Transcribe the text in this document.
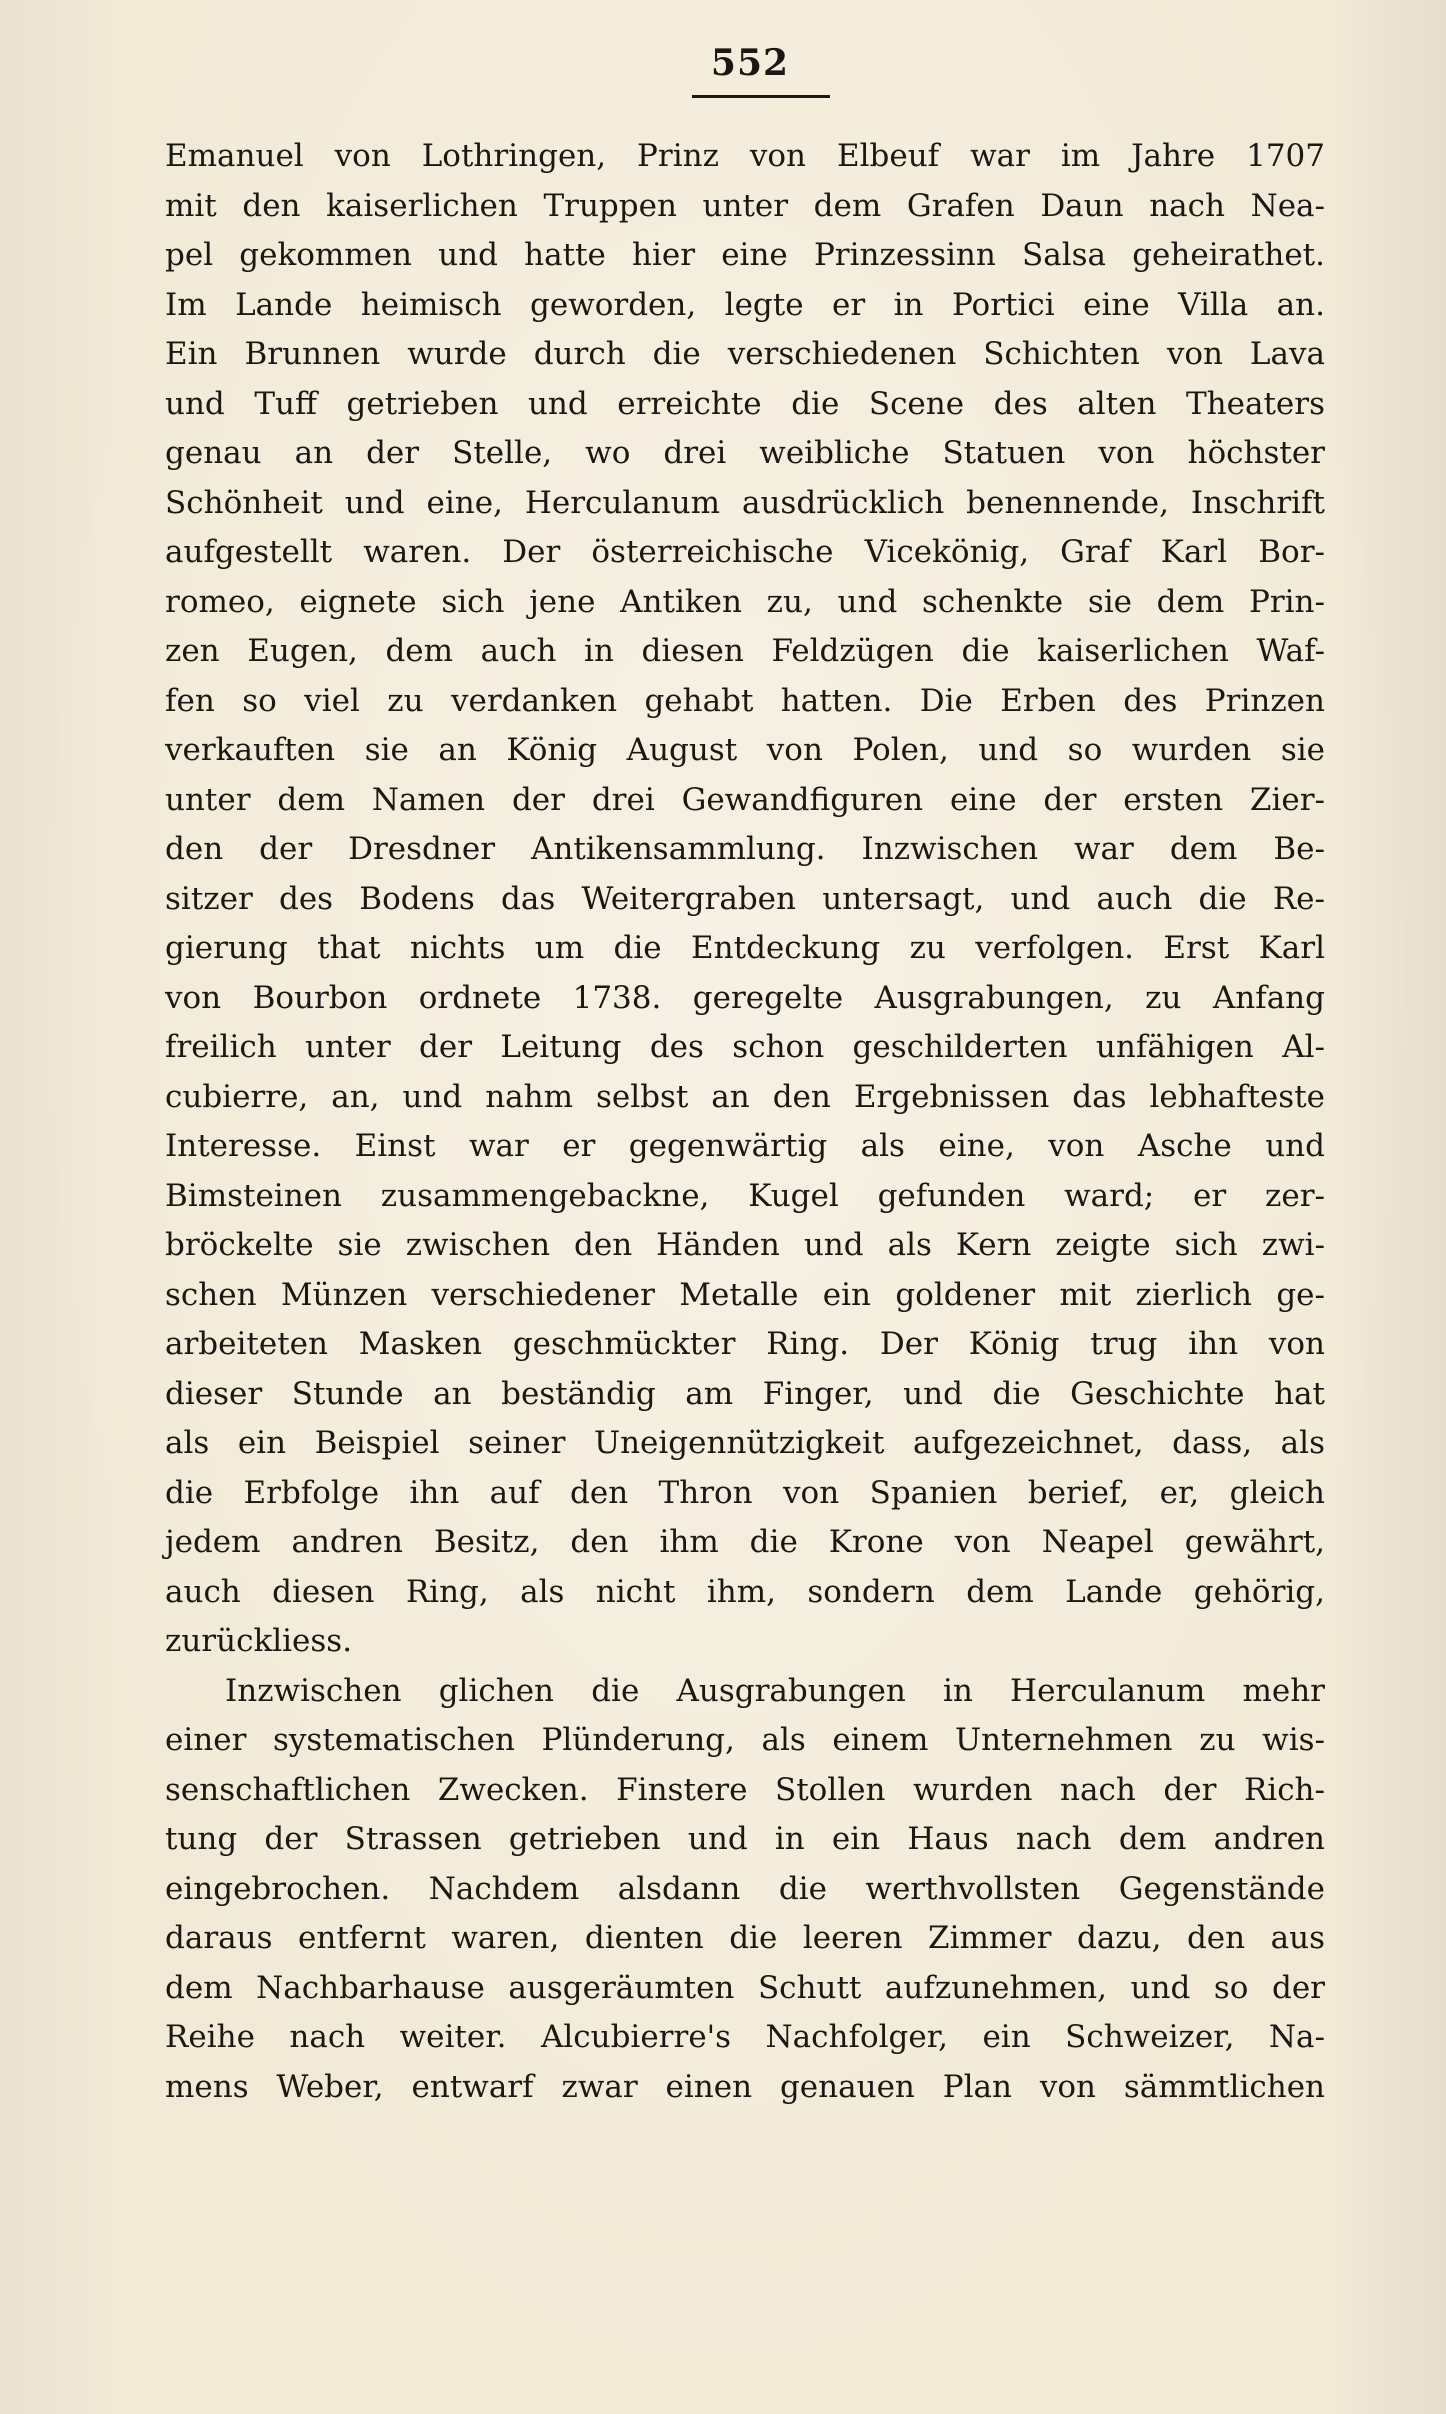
552
Emanuel von Lothringen, Prinz von Elbeuf war im Jahre 1707
mit den kaiserlichen Truppen unter dem Grafen Daun nach Nea-
pel gekommen und hatte hier eine Prinzessinn Salsa geheirathet.
Im Lande heimisch geworden, legte er in Portici eine Villa an.
Ein Brunnen wurde durch die verschiedenen Schichten von Lava
und Tuff getrieben und erreichte die Scene des alten Theaters
genau an der Stelle, wo drei weibliche Statuen von höchster
Schönheit und eine, Herculanum ausdrücklich benennende, Inschrift
aufgestellt waren. Der österreichische Vicekönig, Graf Karl Bor-
romeo, eignete sich jene Antiken zu, und schenkte sie dem Prin-
zen Eugen, dem auch in diesen Feldzügen die kaiserlichen Waf-
fen so viel zu verdanken gehabt hatten. Die Erben des Prinzen
verkauften sie an König August von Polen, und so wurden sie
unter dem Namen der drei Gewandfiguren eine der ersten Zier-
den der Dresdner Antikensammlung. Inzwischen war dem Be-
sitzer des Bodens das Weitergraben untersagt, und auch die Re-
gierung that nichts um die Entdeckung zu verfolgen. Erst Karl
von Bourbon ordnete 1738. geregelte Ausgrabungen, zu Anfang
freilich unter der Leitung des schon geschilderten unfähigen Al-
cubierre, an, und nahm selbst an den Ergebnissen das lebhafteste
Interesse. Einst war er gegenwärtig als eine, von Asche und
Bimsteinen zusammengebackne, Kugel gefunden ward; er zer-
bröckelte sie zwischen den Händen und als Kern zeigte sich zwi-
schen Münzen verschiedener Metalle ein goldener mit zierlich ge-
arbeiteten Masken geschmückter Ring. Der König trug ihn von
dieser Stunde an beständig am Finger, und die Geschichte hat
als ein Beispiel seiner Uneigennützigkeit aufgezeichnet, dass, als
die Erbfolge ihn auf den Thron von Spanien berief, er, gleich
jedem andren Besitz, den ihm die Krone von Neapel gewährt,
auch diesen Ring, als nicht ihm, sondern dem Lande gehörig,
zurückliess.
Inzwischen glichen die Ausgrabungen in Herculanum mehr
einer systematischen Plünderung, als einem Unternehmen zu wis-
senschaftlichen Zwecken. Finstere Stollen wurden nach der Rich-
tung der Strassen getrieben und in ein Haus nach dem andren
eingebrochen. Nachdem alsdann die werthvollsten Gegenstände
daraus entfernt waren, dienten die leeren Zimmer dazu, den aus
dem Nachbarhause ausgeräumten Schutt aufzunehmen, und so der
Reihe nach weiter. Alcubierre's Nachfolger, ein Schweizer, Na-
mens Weber, entwarf zwar einen genauen Plan von sämmtlichen
